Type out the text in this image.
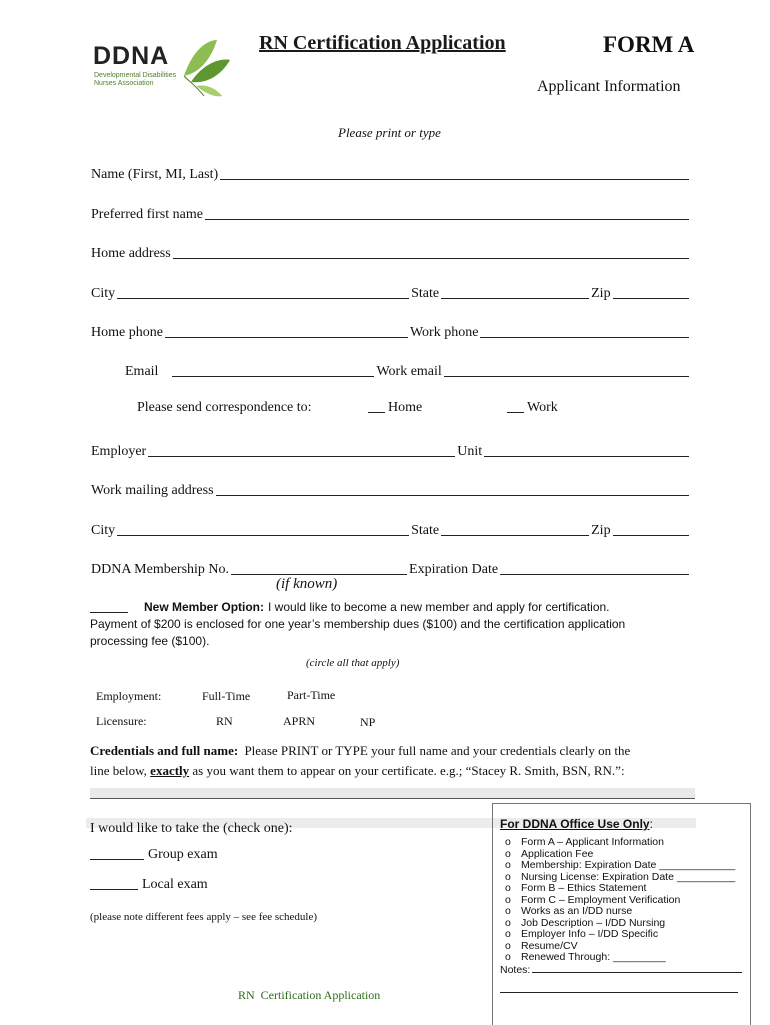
DDNA
Developmental Disabilities
Nurses Association
RN Certification Application	FORM A
Applicant Information
Please print or type
Name (First, MI, Last)
Preferred first name
Home address
City	State	Zip
Home phone	Work phone
Email	Work email
Please send correspondence to:	Home	Work
Employer	Unit
Work mailing address
City	State	Zip
DDNA Membership No.	Expiration Date
(if known)
New Member Option: I would like to become a new member and apply for certification.
Payment of $200 is enclosed for one year’s membership dues ($100) and the certification application
processing fee ($100).
(circle all that apply)
Employment:	Full-Time	Part-Time
Licensure:	RN	APRN	NP
Credentials and full name: Please PRINT or TYPE your full name and your credentials clearly on the
line below, exactly as you want them to appear on your certificate. e.g.; “Stacey R. Smith, BSN, RN.”:
I would like to take the (check one):
Group exam
Local exam
(please note different fees apply – see fee schedule)
For DDNA Office Use Only:
o Form A – Applicant Information
o Application Fee
o Membership: Expiration Date _____________
o Nursing License: Expiration Date __________
o Form B – Ethics Statement
o Form C – Employment Verification
o Works as an I/DD nurse
o Job Description – I/DD Nursing
o Employer Info – I/DD Specific
o Resume/CV
o Renewed Through: _________
Notes:
RN  Certification Application
